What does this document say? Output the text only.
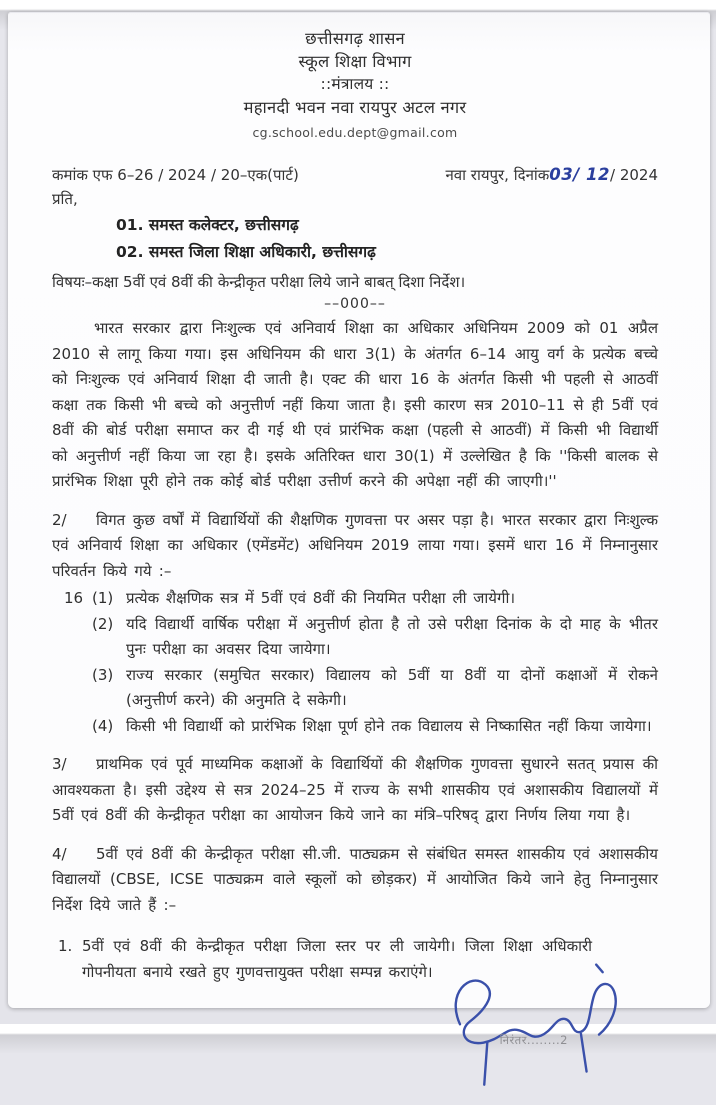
छत्तीसगढ़ शासन
स्कूल शिक्षा विभाग
::मंत्रालय ::
महानदी भवन नवा रायपुर अटल नगर
cg.school.edu.dept@gmail.com
कमांक एफ 6–26 / 2024 / 20–एक(पार्ट)	नवा रायपुर, दिनांक03/ 12/ 2024
प्रति,
01. समस्त कलेक्टर, छत्तीसगढ़
02. समस्त जिला शिक्षा अधिकारी, छत्तीसगढ़
विषयः–कक्षा 5वीं एवं 8वीं की केन्द्रीकृत परीक्षा लिये जाने बाबत् दिशा निर्देश।
––000––
भारत सरकार द्वारा निःशुल्क एवं अनिवार्य शिक्षा का अधिकार अधिनियम 2009 को 01 अप्रैल 2010 से लागू किया गया। इस अधिनियम की धारा 3(1) के अंतर्गत 6–14 आयु वर्ग के प्रत्येक बच्चे को निःशुल्क एवं अनिवार्य शिक्षा दी जाती है। एक्ट की धारा 16 के अंतर्गत किसी भी पहली से आठवीं कक्षा तक किसी भी बच्चे को अनुत्तीर्ण नहीं किया जाता है। इसी कारण सत्र 2010–11 से ही 5वीं एवं 8वीं की बोर्ड परीक्षा समाप्त कर दी गई थी एवं प्रारंभिक कक्षा (पहली से आठवीं) में किसी भी विद्यार्थी को अनुत्तीर्ण नहीं किया जा रहा है। इसके अतिरिक्त धारा 30(1) में उल्लेखित है कि ''किसी बालक से प्रारंभिक शिक्षा पूरी होने तक कोई बोर्ड परीक्षा उत्तीर्ण करने की अपेक्षा नहीं की जाएगी।''
2/ विगत कुछ वर्षों में विद्यार्थियों की शैक्षणिक गुणवत्ता पर असर पड़ा है। भारत सरकार द्वारा निःशुल्क एवं अनिवार्य शिक्षा का अधिकार (एमेंडमेंट) अधिनियम 2019 लाया गया। इसमें धारा 16 में निम्नानुसार परिवर्तन किये गये :–
16 (1) प्रत्येक शैक्षणिक सत्र में 5वीं एवं 8वीं की नियमित परीक्षा ली जायेगी।
(2) यदि विद्यार्थी वार्षिक परीक्षा में अनुत्तीर्ण होता है तो उसे परीक्षा दिनांक के दो माह के भीतर पुनः परीक्षा का अवसर दिया जायेगा।
(3) राज्य सरकार (समुचित सरकार) विद्यालय को 5वीं या 8वीं या दोनों कक्षाओं में रोकने (अनुत्तीर्ण करने) की अनुमति दे सकेगी।
(4) किसी भी विद्यार्थी को प्रारंभिक शिक्षा पूर्ण होने तक विद्यालय से निष्कासित नहीं किया जायेगा।
3/ प्राथमिक एवं पूर्व माध्यमिक कक्षाओं के विद्यार्थियों की शैक्षणिक गुणवत्ता सुधारने सतत् प्रयास की आवश्यकता है। इसी उद्देश्य से सत्र 2024–25 में राज्य के सभी शासकीय एवं अशासकीय विद्यालयों में 5वीं एवं 8वीं की केन्द्रीकृत परीक्षा का आयोजन किये जाने का मंत्रि–परिषद् द्वारा निर्णय लिया गया है।
4/ 5वीं एवं 8वीं की केन्द्रीकृत परीक्षा सी.जी. पाठ्यक्रम से संबंधित समस्त शासकीय एवं अशासकीय विद्यालयों (CBSE, ICSE पाठ्यक्रम वाले स्कूलों को छोड़कर) में आयोजित किये जाने हेतु निम्नानुसार निर्देश दिये जाते हैं :–
1. 5वीं एवं 8वीं की केन्द्रीकृत परीक्षा जिला स्तर पर ली जायेगी। जिला शिक्षा अधिकारी गोपनीयता बनाये रखते हुए गुणवत्तायुक्त परीक्षा सम्पन्न कराएंगे।
निरंतर........2
